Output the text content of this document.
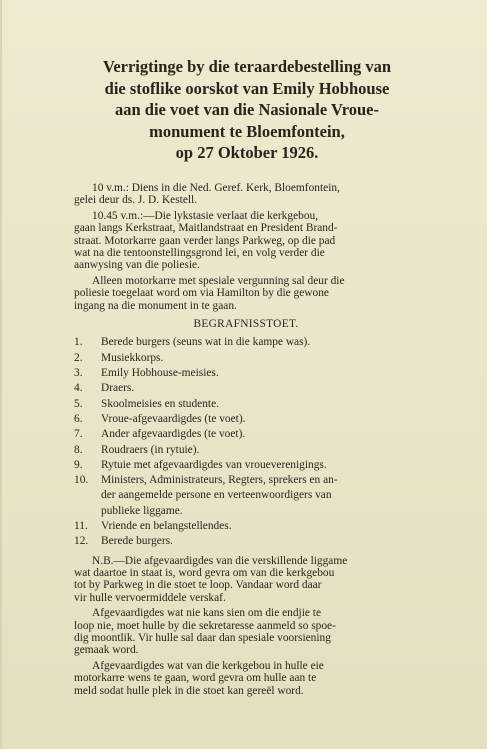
Verrigtinge by die teraardebestelling van
die stoflike oorskot van Emily Hobhouse
aan die voet van die Nasionale Vroue-
monument te Bloemfontein,
op 27 Oktober 1926.
10 v.m.: Diens in die Ned. Geref. Kerk, Bloemfontein,
gelei deur ds. J. D. Kestell.
10.45 v.m.:—Die lykstasie verlaat die kerkgebou,
gaan langs Kerkstraat, Maitlandstraat en President Brand-
straat. Motorkarre gaan verder langs Parkweg, op die pad
wat na die tentoonstellingsgrond lei, en volg verder die
aanwysing van die poliesie.
Alleen motorkarre met spesiale vergunning sal deur die
poliesie toegelaat word om via Hamilton by die gewone
ingang na die monument in te gaan.
BEGRAFNISSTOET.
1.	Berede burgers (seuns wat in die kampe was).
2.	Musiekkorps.
3.	Emily Hobhouse-meisies.
4.	Draers.
5.	Skoolmeisies en studente.
6.	Vroue-afgevaardigdes (te voet).
7.	Ander afgevaardigdes (te voet).
8.	Roudraers (in rytuie).
9.	Rytuie met afgevaardigdes van vroueverenigings.
10.	Ministers, Administrateurs, Regters, sprekers en an-
der aangemelde persone en verteenwoordigers van
publieke liggame.
11.	Vriende en belangstellendes.
12.	Berede burgers.
N.B.—Die afgevaardigdes van die verskillende liggame
wat daartoe in staat is, word gevra om van die kerkgebou
tot by Parkweg in die stoet te loop. Vandaar word daar
vir hulle vervoermiddele verskaf.
Afgevaardigdes wat nie kans sien om die endjie te
loop nie, moet hulle by die sekretaresse aanmeld so spoe-
dig moontlik. Vir hulle sal daar dan spesiale voorsiening
gemaak word.
Afgevaardigdes wat van die kerkgebou in hulle eie
motorkarre wens te gaan, word gevra om hulle aan te
meld sodat hulle plek in die stoet kan gereël word.
